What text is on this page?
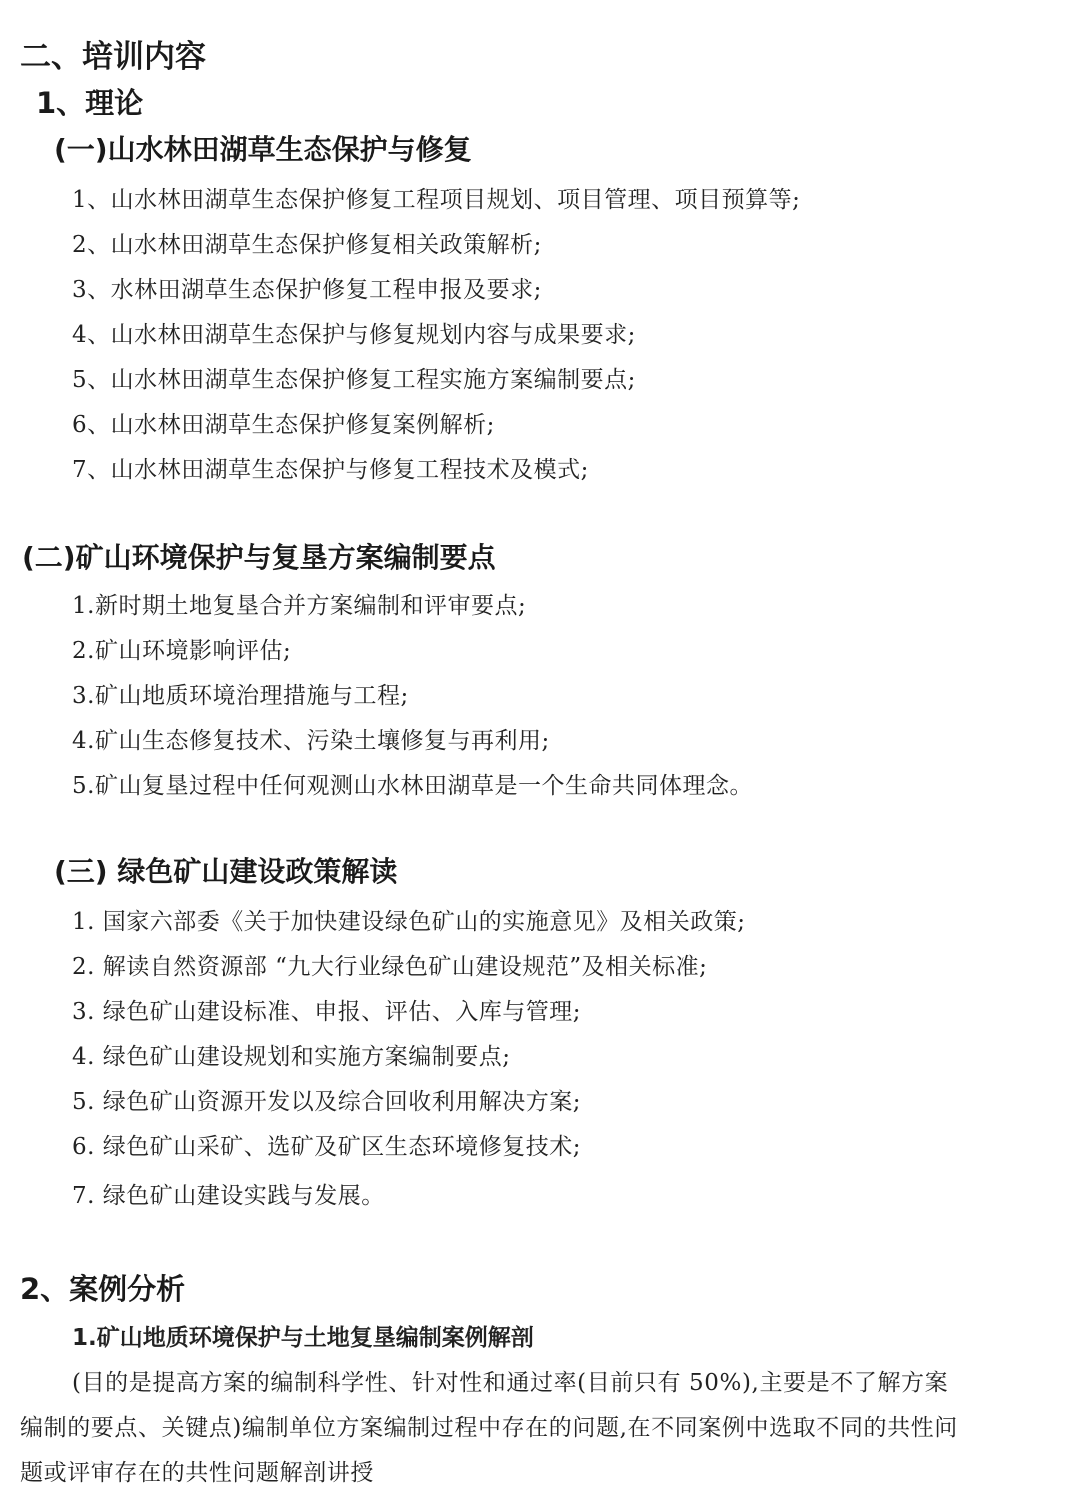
二、培训内容
1、理论
(一)山水林田湖草生态保护与修复
1、山水林田湖草生态保护修复工程项目规划、项目管理、项目预算等;
2、山水林田湖草生态保护修复相关政策解析;
3、水林田湖草生态保护修复工程申报及要求;
4、山水林田湖草生态保护与修复规划内容与成果要求;
5、山水林田湖草生态保护修复工程实施方案编制要点;
6、山水林田湖草生态保护修复案例解析;
7、山水林田湖草生态保护与修复工程技术及模式;
(二)矿山环境保护与复垦方案编制要点
1.新时期土地复垦合并方案编制和评审要点;
2.矿山环境影响评估;
3.矿山地质环境治理措施与工程;
4.矿山生态修复技术、污染土壤修复与再利用;
5.矿山复垦过程中任何观测山水林田湖草是一个生命共同体理念。
(三) 绿色矿山建设政策解读
1. 国家六部委《关于加快建设绿色矿山的实施意见》及相关政策;
2. 解读自然资源部 “九大行业绿色矿山建设规范”及相关标准;
3. 绿色矿山建设标准、申报、评估、入库与管理;
4. 绿色矿山建设规划和实施方案编制要点;
5. 绿色矿山资源开发以及综合回收利用解决方案;
6. 绿色矿山采矿、选矿及矿区生态环境修复技术;
7. 绿色矿山建设实践与发展。
2、案例分析
1.矿山地质环境保护与土地复垦编制案例解剖
(目的是提高方案的编制科学性、针对性和通过率(目前只有 50%),主要是不了解方案
编制的要点、关键点)编制单位方案编制过程中存在的问题,在不同案例中选取不同的共性问
题或评审存在的共性问题解剖讲授
